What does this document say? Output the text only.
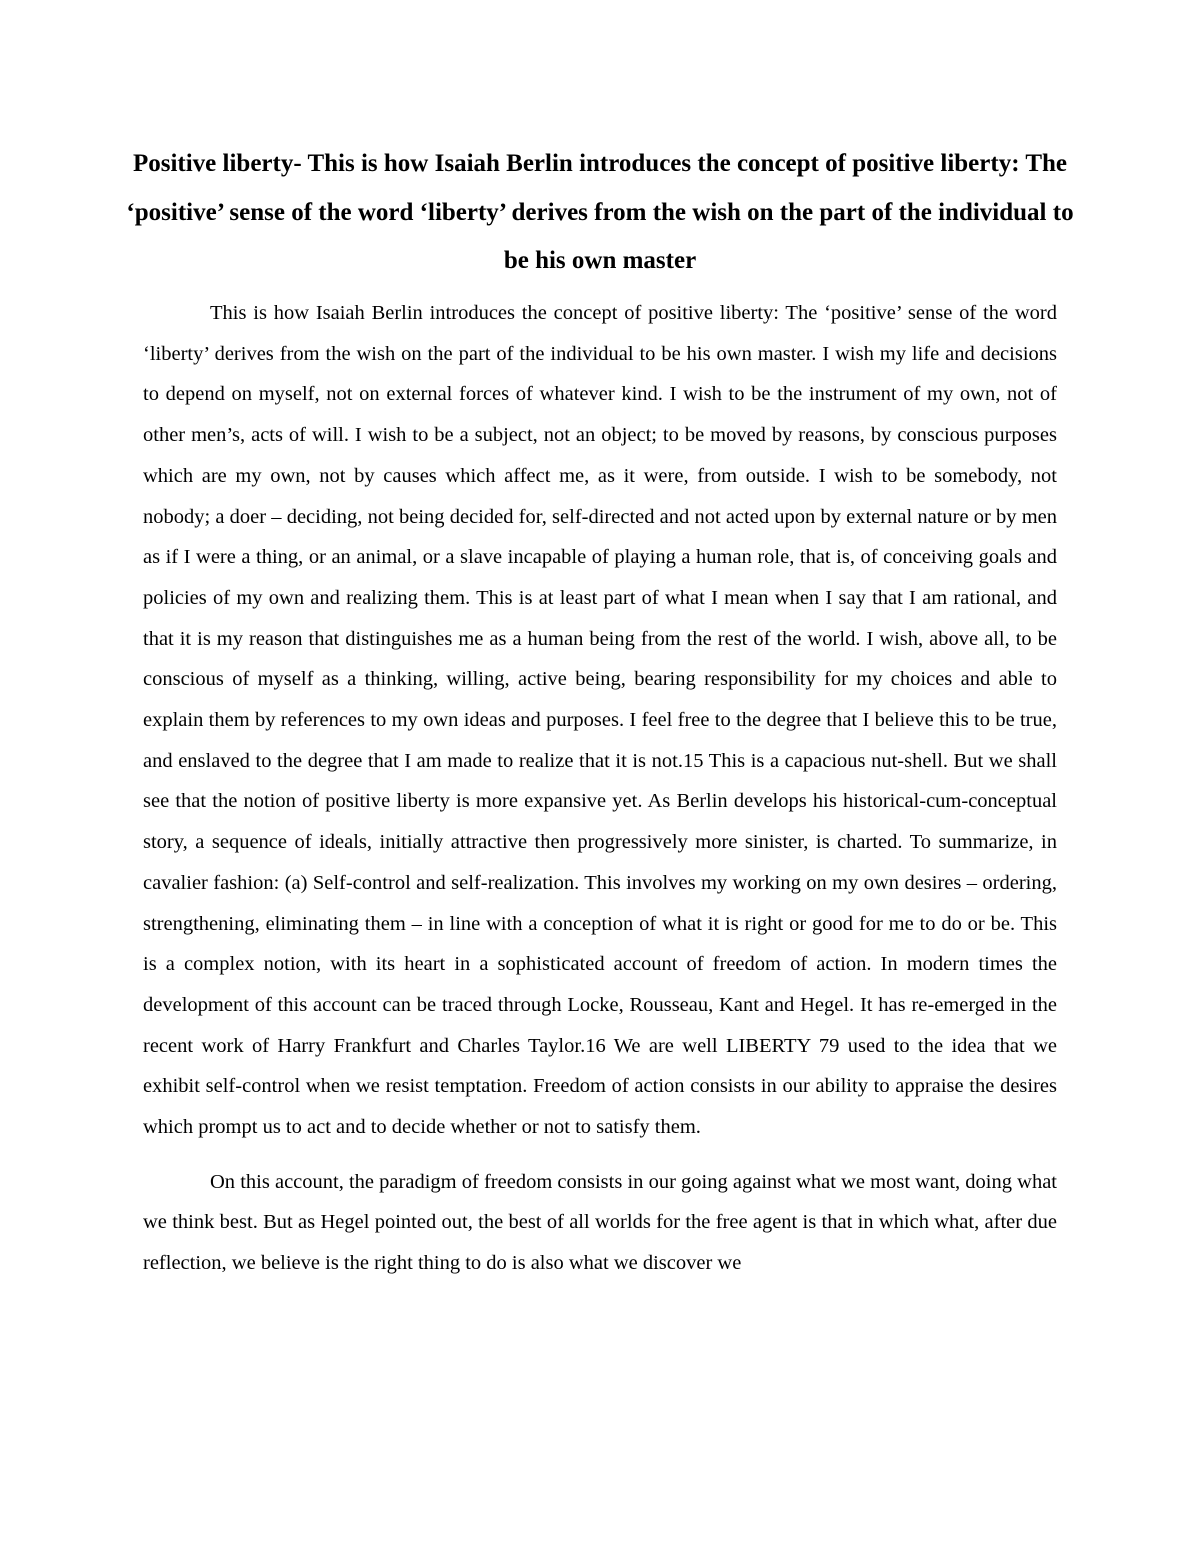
Positive liberty- This is how Isaiah Berlin introduces the concept of positive liberty: The ‘positive’ sense of the word ‘liberty’ derives from the wish on the part of the individual to be his own master

This is how Isaiah Berlin introduces the concept of positive liberty: The ‘positive’ sense of the word ‘liberty’ derives from the wish on the part of the individual to be his own master. I wish my life and decisions to depend on myself, not on external forces of whatever kind. I wish to be the instrument of my own, not of other men’s, acts of will. I wish to be a subject, not an object; to be moved by reasons, by conscious purposes which are my own, not by causes which affect me, as it were, from outside. I wish to be somebody, not nobody; a doer – deciding, not being decided for, self-directed and not acted upon by external nature or by men as if I were a thing, or an animal, or a slave incapable of playing a human role, that is, of conceiving goals and policies of my own and realizing them. This is at least part of what I mean when I say that I am rational, and that it is my reason that distinguishes me as a human being from the rest of the world. I wish, above all, to be conscious of myself as a thinking, willing, active being, bearing responsibility for my choices and able to explain them by references to my own ideas and purposes. I feel free to the degree that I believe this to be true, and enslaved to the degree that I am made to realize that it is not.15 This is a capacious nut-shell. But we shall see that the notion of positive liberty is more expansive yet. As Berlin develops his historical-cum-conceptual story, a sequence of ideals, initially attractive then progressively more sinister, is charted. To summarize, in cavalier fashion: (a) Self-control and self-realization. This involves my working on my own desires – ordering, strengthening, eliminating them – in line with a conception of what it is right or good for me to do or be. This is a complex notion, with its heart in a sophisticated account of freedom of action. In modern times the development of this account can be traced through Locke, Rousseau, Kant and Hegel. It has re-emerged in the recent work of Harry Frankfurt and Charles Taylor.16 We are well LIBERTY 79 used to the idea that we exhibit self-control when we resist temptation. Freedom of action consists in our ability to appraise the desires which prompt us to act and to decide whether or not to satisfy them.

On this account, the paradigm of freedom consists in our going against what we most want, doing what we think best. But as Hegel pointed out, the best of all worlds for the free agent is that in which what, after due reflection, we believe is the right thing to do is also what we discover we
